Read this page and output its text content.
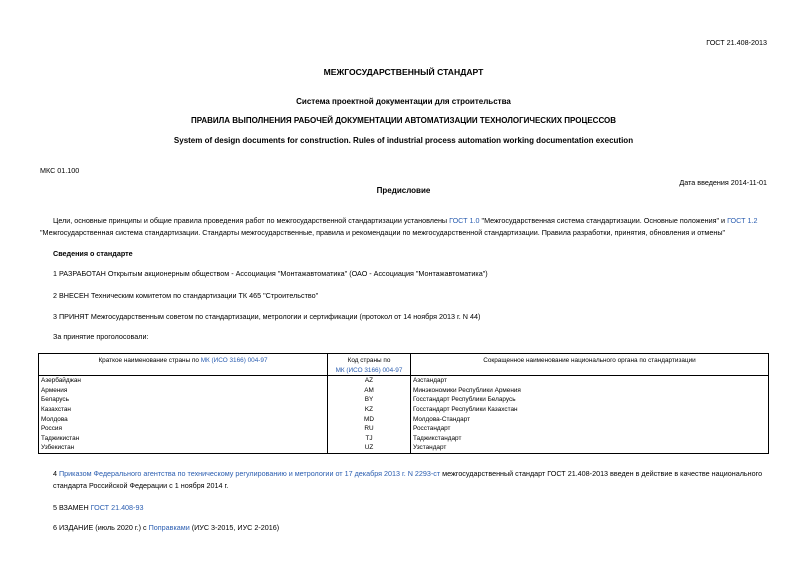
ГОСТ 21.408-2013
МЕЖГОСУДАРСТВЕННЫЙ СТАНДАРТ
Система проектной документации для строительства
ПРАВИЛА ВЫПОЛНЕНИЯ РАБОЧЕЙ ДОКУМЕНТАЦИИ АВТОМАТИЗАЦИИ ТЕХНОЛОГИЧЕСКИХ ПРОЦЕССОВ
System of design documents for construction. Rules of industrial process automation working documentation execution
МКС 01.100
Дата введения 2014-11-01
Предисловие
Цели, основные принципы и общие правила проведения работ по межгосударственной стандартизации установлены ГОСТ 1.0 "Межгосударственная система стандартизации. Основные положения" и ГОСТ 1.2 "Межгосударственная система стандартизации. Стандарты межгосударственные, правила и рекомендации по межгосударственной стандартизации. Правила разработки, принятия, обновления и отмены"
Сведения о стандарте
1 РАЗРАБОТАН Открытым акционерным обществом - Ассоциация "Монтажавтоматика" (ОАО - Ассоциация "Монтажавтоматика")
2 ВНЕСЕН Техническим комитетом по стандартизации ТК 465 "Строительство"
3 ПРИНЯТ Межгосударственным советом по стандартизации, метрологии и сертификации (протокол от 14 ноября 2013 г. N 44)
За принятие проголосовали:
Краткое наименование страны по МК (ИСО 3166) 004-97	Код страны по
МК (ИСО 3166) 004-97	Сокращенное наименование национального органа по стандартизации
Азербайджан	AZ	Азстандарт
Армения	AM	Минэкономики Республики Армения
Беларусь	BY	Госстандарт Республики Беларусь
Казахстан	KZ	Госстандарт Республики Казахстан
Молдова	MD	Молдова-Стандарт
Россия	RU	Росстандарт
Таджикистан	TJ	Таджикстандарт
Узбекистан	UZ	Узстандарт
4 Приказом Федерального агентства по техническому регулированию и метрологии от 17 декабря 2013 г. N 2293-ст межгосударственный стандарт ГОСТ 21.408-2013 введен в действие в качестве национального стандарта Российской Федерации с 1 ноября 2014 г.
5 ВЗАМЕН ГОСТ 21.408-93
6 ИЗДАНИЕ (июль 2020 г.) с Поправками (ИУС 3-2015, ИУС 2-2016)
